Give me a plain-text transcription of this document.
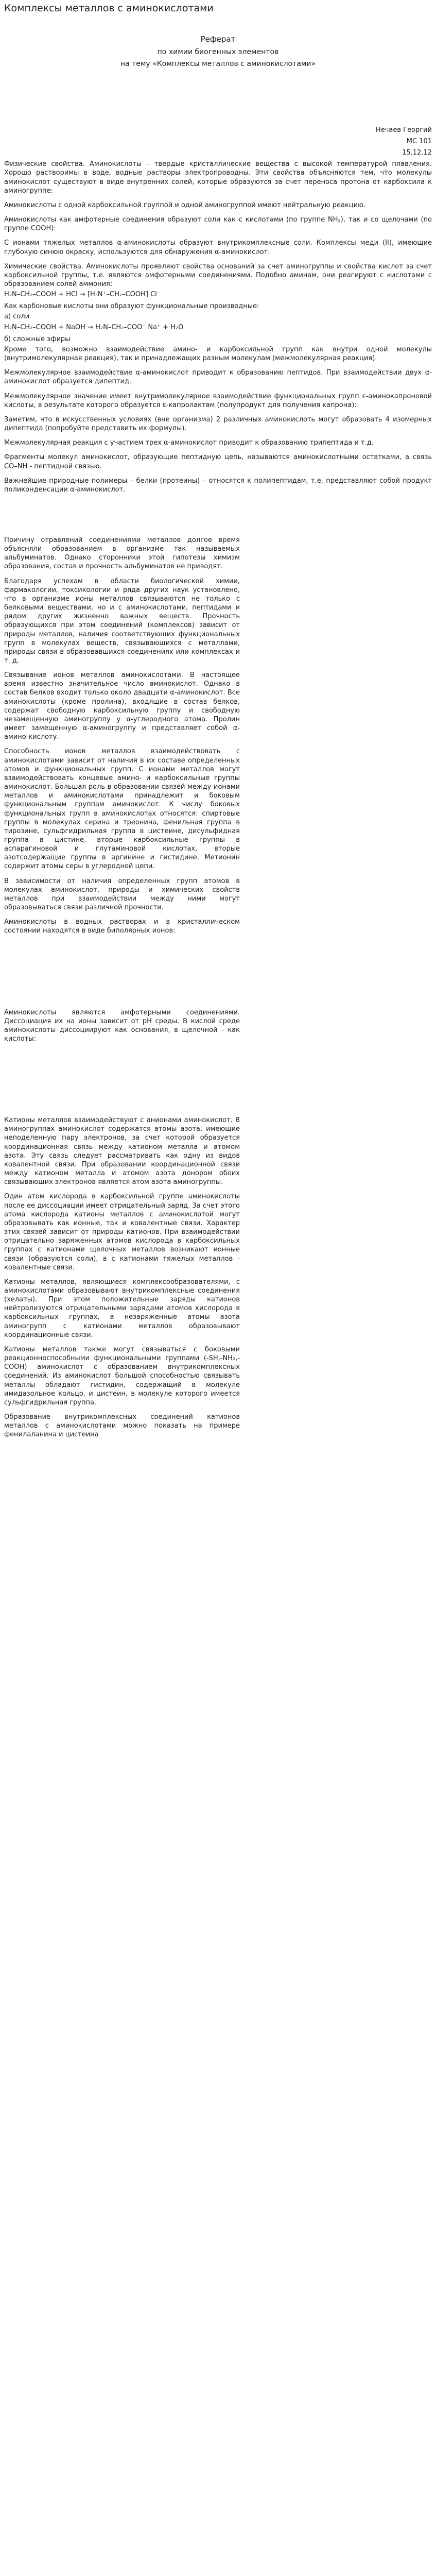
Комплексы металлов с аминокислотами

Реферат

по химии биогенных элементов

на тему «Комплексы металлов с аминокислотами»

Нечаев Георгий

МС 101

15.12.12

Физические свойства. Аминокислоты – твердые кристаллические вещества с высокой температурой плавления. Хорошо растворимы в воде, водные растворы электропроводны. Эти свойства объясняются тем, что молекулы аминокислот существуют в виде внутренних солей, которые образуются за счет переноса протона от карбоксила к аминогруппе:

Аминокислоты с одной карбоксильной группой и одной аминогруппой имеют нейтральную реакцию.

Аминокислоты как амфотерные соединения образуют соли как с кислотами (по группе NH₂), так и со щелочами (по группе СООН):

С ионами тяжелых металлов α-аминокислоты образуют внутрикомплексные соли. Комплексы меди (II), имеющие глубокую синюю окраску, используются для обнаружения α-аминокислот.

Химические свойства. Аминокислоты проявляют свойства оснований за счет аминогруппы и свойства кислот за счет карбоксильной группы, т.е. являются амфотерными соединениями. Подобно аминам, они реагируют с кислотами с образованием солей аммония:

H₂N–CH₂–COOH + HCl → [H₃N⁺–CH₂–COOH] Cl⁻

Как карбоновые кислоты они образуют функциональные производные:

а) соли

H₂N–CH₂–COOH + NaOH → H₂N–CH₂–COO⁻ Na⁺ + H₂O

б) сложные эфиры

Кроме того, возможно взаимодействие амино- и карбоксильной групп как внутри одной молекулы (внутримолекулярная реакция), так и принадлежащих разным молекулам (межмолекулярная реакция).

Межмолекулярное взаимодействие α-аминокислот приводит к образованию пептидов. При взаимодействии двух α-аминокислот образуется дипептид.

Межмолекулярное значение имеет внутримолекулярное взаимодействие функциональных групп ε-аминокапроновой кислоты, в результате которого образуется ε-капролактам (полупродукт для получения капрона):

Заметим, что в искусственных условиях (вне организма) 2 различных аминокислоть могут образовать 4 изомерных дипептида (попробуйте представить их формулы).

Межмолекулярная реакция с участием трех α-аминокислот приводит к образованию трипептида и т.д.

Фрагменты молекул аминокислот, образующие пептидную цепь, называются аминокислотными остатками, а связь CO–NH - пептидной связью.

Важнейшие природные полимеры – белки (протеины) – относятся к полипептидам, т.е. представляют собой продукт поликонденсации α-аминокислот.

Причину отравлений соединениями металлов долгое время объясняли образованием в организме так называемых альбуминатов. Однако сторонники этой гипотезы химизм образования, состав и прочность альбуминатов не приводят.

Благодаря успехам в области биологической химии, фармакологии, токсикологии и ряда других наук установлено, что в организме ионы металлов связываются не только с белковыми веществами, но и с аминокислотами, пептидами и рядом других жизненно важных веществ. Прочность образующихся при этом соединений (комплексов) зависит от природы металлов, наличия соответствующих функциональных групп в молекулах веществ, связывающихся с металлами, природы связи в образовавшихся соединениях или комплексах и т. д.

Связывание ионов металлов аминокислотами. В настоящее время известно значительное число аминокислот. Однако в состав белков входит только около двадцати α-аминокислот. Все аминокислоты (кроме пролина), входящие в состав белков, содержат свободную карбоксильную группу и свободную незамещенную аминогруппу у α-углеродного атома. Пролин имеет замещенную α-аминогруппу и представляет собой α-амино-кислоту.

Способность ионов металлов взаимодействовать с аминокислотами зависит от наличия в их составе определенных атомов и функциональных групп. С ионами металлов могут взаимодействовать концевые амино- и карбоксильные группы аминокислот. Большая роль в образовании связей между ионами металлов и аминокислотами принадлежит и боковым функциональным группам аминокислот. К числу боковых функциональных групп в аминокислотах относятся: спиртовые группы в молекулах серина и треонина, фенильная группа в тирозине, сульфгидрильная группа в цистеине, дисульфидная группа в цистине, вторые карбоксильные группы в аспарагиновой и глутаминовой кислотах, вторые азотсодержащие группы в аргинине и гистидине. Метионин содержит атомы серы в углеродной цепи.

В зависимости от наличия определенных групп атомов в молекулах аминокислот, природы и химических свойств металлов при взаимодействии между ними могут образовываться связи различной прочности.

Аминокислоты в водных растворах и в кристаллическом состоянии находятся в виде биполярных ионов:

Аминокислоты являются амфотерными соединениями. Диссоциация их на ионы зависит от pH среды. В кислой среде аминокислоты диссоциируют как основания, в щелочной - как кислоты:

Катионы металлов взаимодействуют с анионами аминокислот. В аминогруппах аминокислот содержатся атомы азота, имеющие неподеленную пару электронов, за счет которой образуется координационная связь между катионом металла и атомом азота. Эту связь следует рассматривать как одну из видов ковалентной связи. При образовании координационной связи между катионом металла и атомом азота донором обоих связывающих электронов является атом азота аминогруппы.

Один атом кислорода в карбоксильной группе аминокислоты после ее диссоциации имеет отрицательный заряд. За счет этого атома кислорода катионы металлов с аминокислотой могут образовывать как ионные, так и ковалентные связи. Характер этих связей зависит от природы катионов. При взаимодействии отрицательно заряженных атомов кислорода в карбоксильных группах с катионами щелочных металлов возникают ионные связи (образуются соли), а с катионами тяжелых металлов - ковалентные связи.

Катионы металлов, являющиеся комплексообразователями, с аминокислотами образовывают внутрикомплексные соединения (хелаты). При этом положительные заряды катионов нейтрализуются отрицательными зарядами атомов кислорода в карбоксильных группах, а незаряженные атомы азота аминогрупп с катионами металлов образовывают координационные связи.

Катионы металлов также могут связываться с боковыми реакционноспособными функциональными группами (-SH,-NH₂,-COOH) аминокислот с образованием внутрикомплексных соединений. Из аминокислот большой способностью связывать металлы обладают гистидин, содержащий в молекуле имидазольное кольцо, и цистеин, в молекуле которого имеется сульфгидрильная группа.

Образование внутрикомплексных соединений катионов металлов с аминокислотами можно показать на примере фенилаланина и цистеина
